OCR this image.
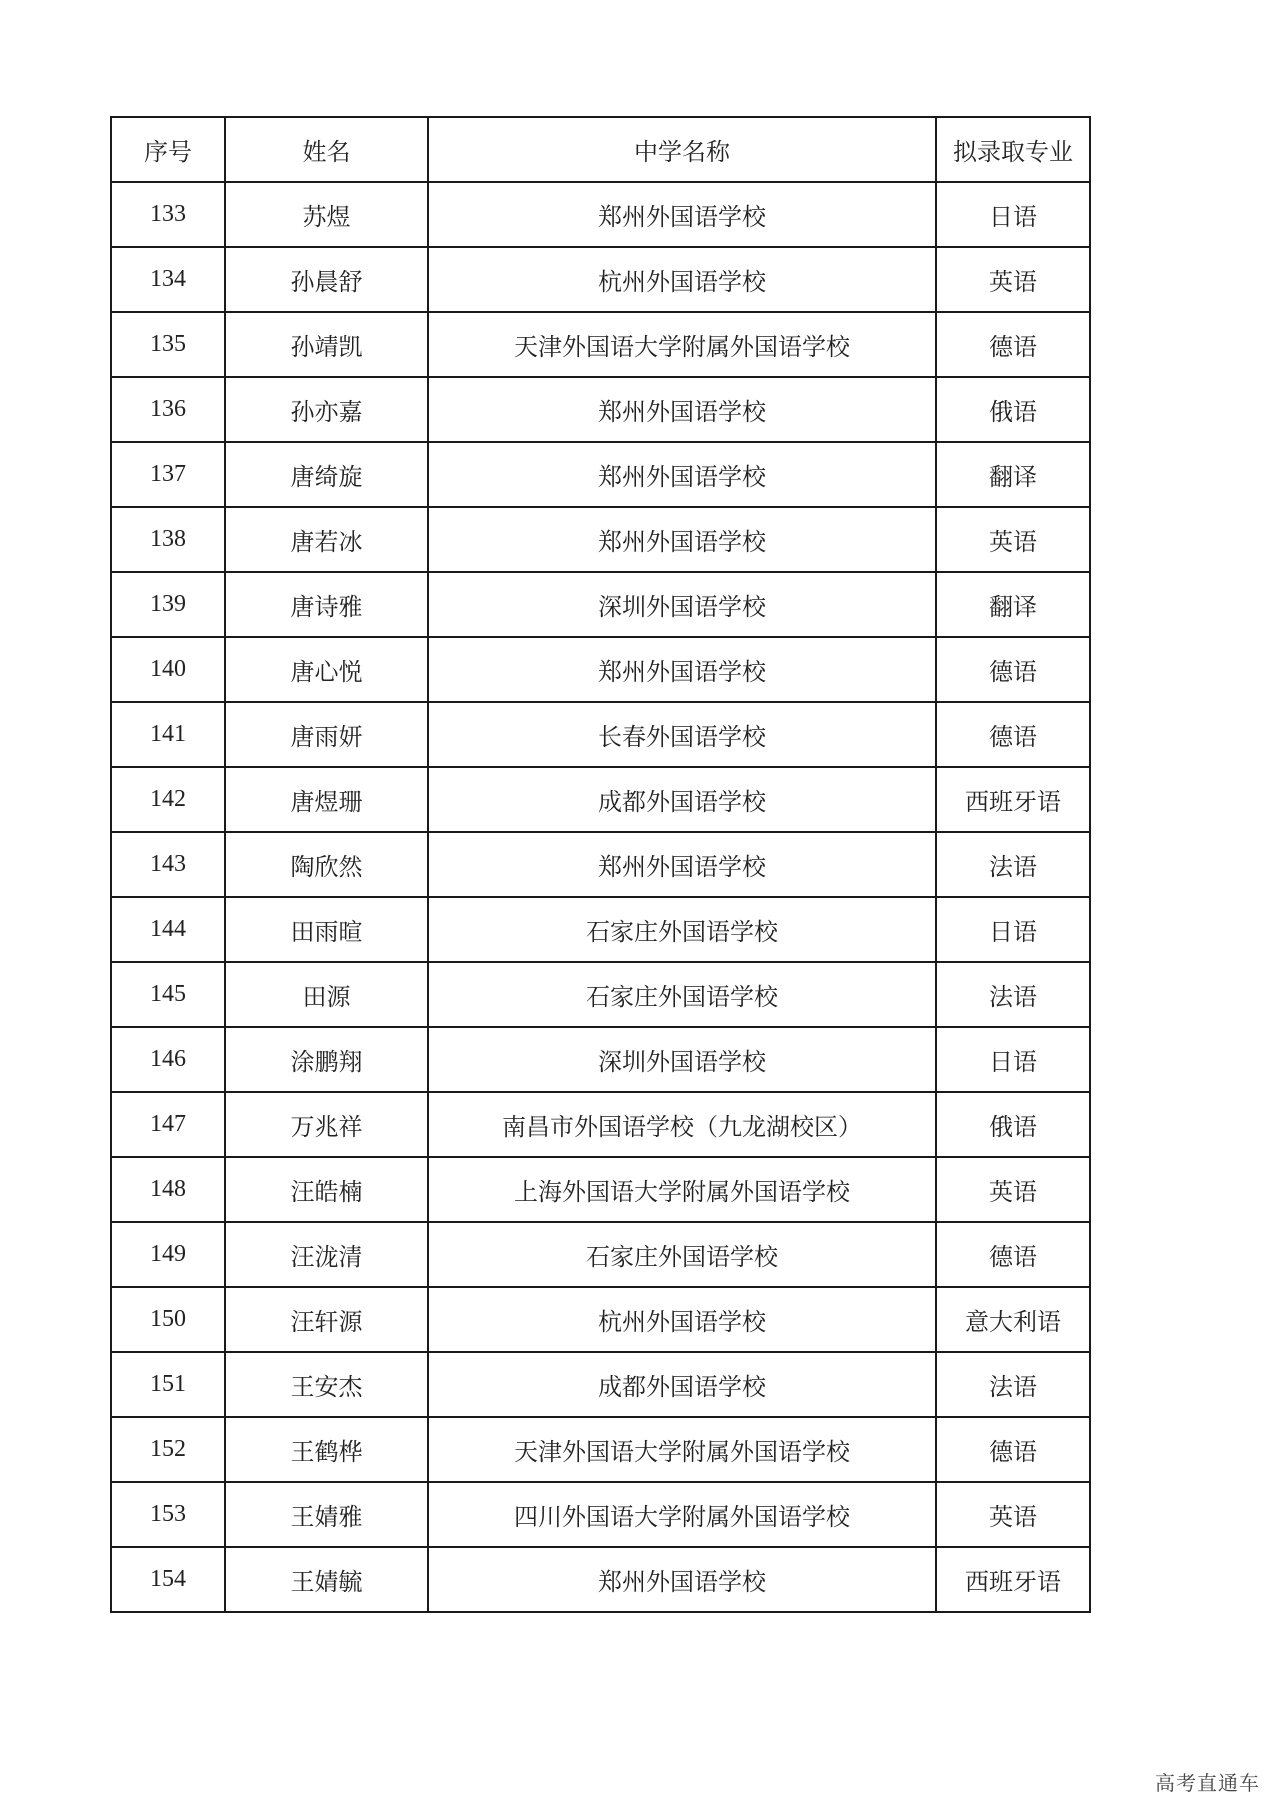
序号	姓名	中学名称	拟录取专业
133	苏煜	郑州外国语学校	日语
134	孙晨舒	杭州外国语学校	英语
135	孙靖凯	天津外国语大学附属外国语学校	德语
136	孙亦嘉	郑州外国语学校	俄语
137	唐绮旋	郑州外国语学校	翻译
138	唐若冰	郑州外国语学校	英语
139	唐诗雅	深圳外国语学校	翻译
140	唐心悦	郑州外国语学校	德语
141	唐雨妍	长春外国语学校	德语
142	唐煜珊	成都外国语学校	西班牙语
143	陶欣然	郑州外国语学校	法语
144	田雨暄	石家庄外国语学校	日语
145	田源	石家庄外国语学校	法语
146	涂鹏翔	深圳外国语学校	日语
147	万兆祥	南昌市外国语学校（九龙湖校区）	俄语
148	汪皓楠	上海外国语大学附属外国语学校	英语
149	汪泷清	石家庄外国语学校	德语
150	汪轩源	杭州外国语学校	意大利语
151	王安杰	成都外国语学校	法语
152	王鹤桦	天津外国语大学附属外国语学校	德语
153	王婧雅	四川外国语大学附属外国语学校	英语
154	王婧毓	郑州外国语学校	西班牙语
高考直通车
